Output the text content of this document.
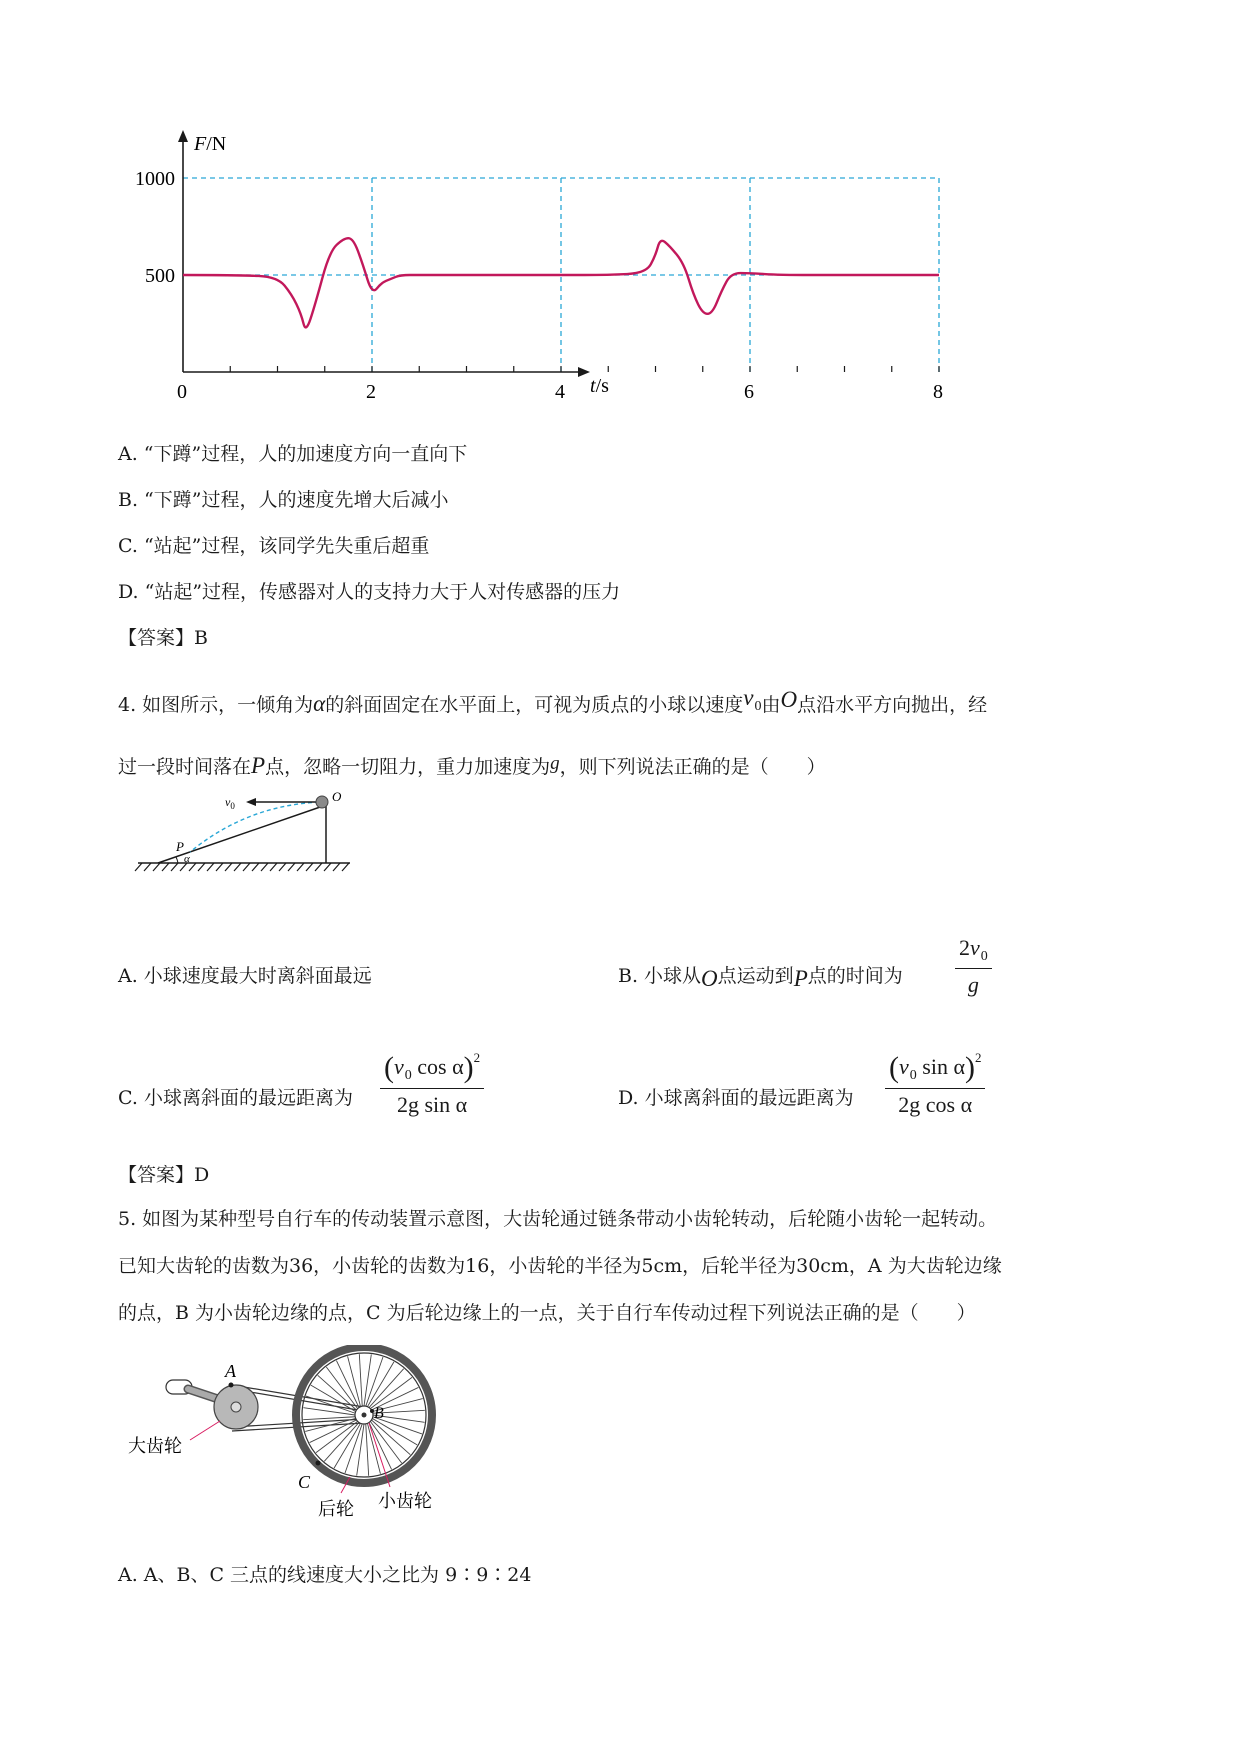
0	2	4	6	8
500
1000
F/N
t/s
A. “下蹲”过程，人的加速度方向一直向下
B. “下蹲”过程，人的速度先增大后减小
C. “站起”过程，该同学先失重后超重
D. “站起”过程，传感器对人的支持力大于人对传感器的压力
【答案】B
4. 如图所示，一倾角为α的斜面固定在水平面上，可视为质点的小球以速度$v_0$由O点沿水平方向抛出，经
过一段时间落在P点，忽略一切阻力，重力加速度为g，则下列说法正确的是（　　）
$v_0$
O
P
α
A. 小球速度最大时离斜面最远	B. 小球从O点运动到P点的时间为 $\frac{2v_0}{g}$
C. 小球离斜面的最远距离为 $\frac{(v_0 \cos \alpha)^2}{\text{2g sin α}}$	D. 小球离斜面的最远距离为 $\frac{(v_0 \sin \alpha)^2}{\text{2g cos α}}$
【答案】D
5. 如图为某种型号自行车的传动装置示意图，大齿轮通过链条带动小齿轮转动，后轮随小齿轮一起转动。
已知大齿轮的齿数为36，小齿轮的齿数为16，小齿轮的半径为5cm，后轮半径为30cm，A 为大齿轮边缘
的点，B 为小齿轮边缘的点，C 为后轮边缘上的一点，关于自行车传动过程下列说法正确的是（　　）
A
B
C
大齿轮
后轮 小齿轮
A. A、B、C 三点的线速度大小之比为 9∶9∶24
